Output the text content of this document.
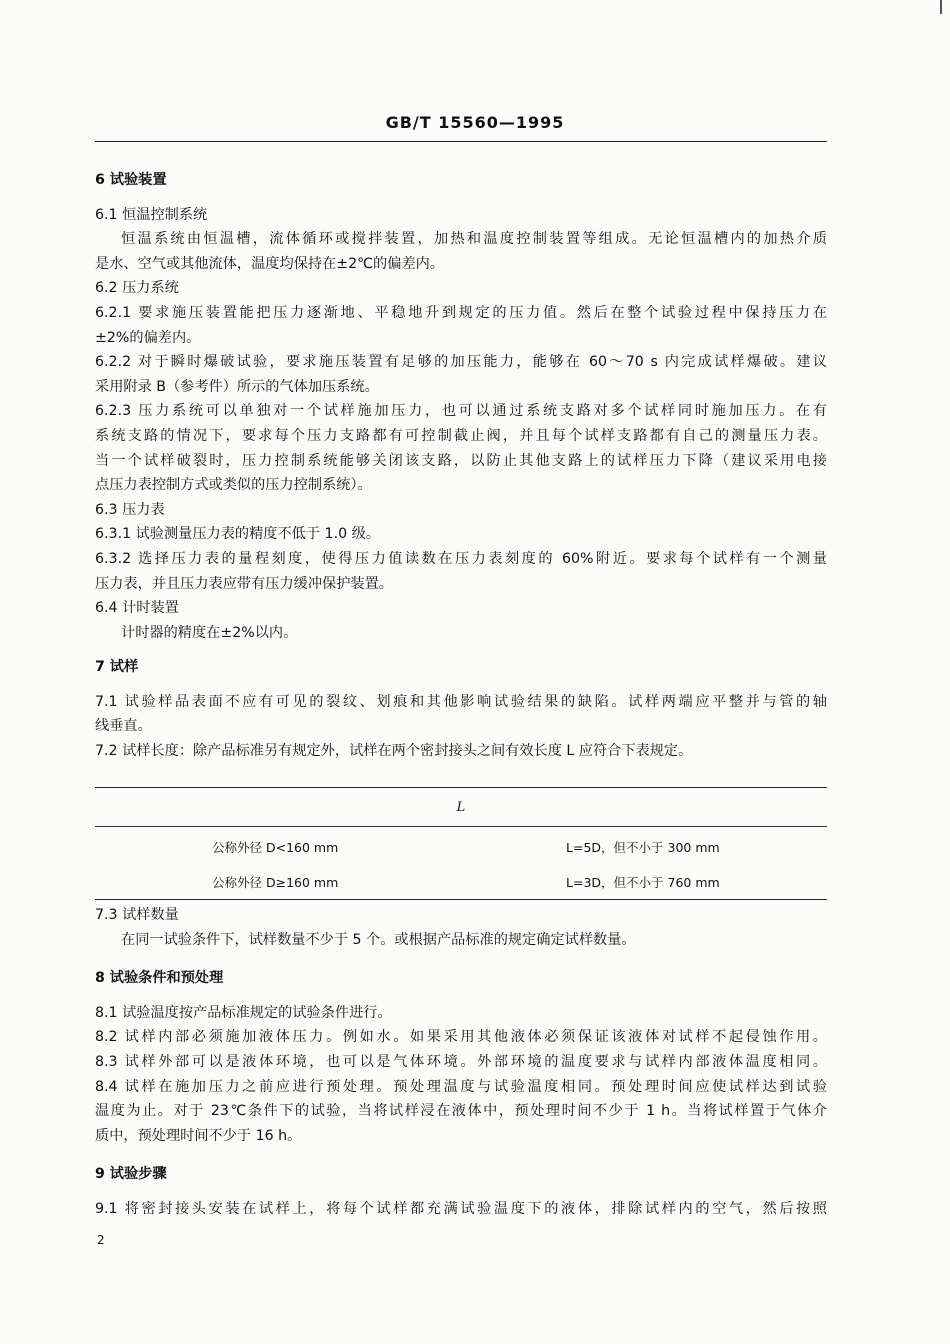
GB/T 15560—1995
6 试验装置
6.1 恒温控制系统
恒温系统由恒温槽，流体循环或搅拌装置，加热和温度控制装置等组成。无论恒温槽内的加热介质
是水、空气或其他流体，温度均保持在±2℃的偏差内。
6.2 压力系统
6.2.1 要求施压装置能把压力逐渐地、平稳地升到规定的压力值。然后在整个试验过程中保持压力在
±2%的偏差内。
6.2.2 对于瞬时爆破试验，要求施压装置有足够的加压能力，能够在 60～70 s 内完成试样爆破。建议
采用附录 B（参考件）所示的气体加压系统。
6.2.3 压力系统可以单独对一个试样施加压力，也可以通过系统支路对多个试样同时施加压力。在有
系统支路的情况下，要求每个压力支路都有可控制截止阀，并且每个试样支路都有自己的测量压力表。
当一个试样破裂时，压力控制系统能够关闭该支路，以防止其他支路上的试样压力下降（建议采用电接
点压力表控制方式或类似的压力控制系统）。
6.3 压力表
6.3.1 试验测量压力表的精度不低于 1.0 级。
6.3.2 选择压力表的量程刻度，使得压力值读数在压力表刻度的 60%附近。要求每个试样有一个测量
压力表，并且压力表应带有压力缓冲保护装置。
6.4 计时装置
计时器的精度在±2%以内。
7 试样
7.1 试验样品表面不应有可见的裂纹、划痕和其他影响试验结果的缺陷。试样两端应平整并与管的轴
线垂直。
7.2 试样长度：除产品标准另有规定外，试样在两个密封接头之间有效长度 L 应符合下表规定。
L
公称外径 D<160 mm	L=5D，但不小于 300 mm
公称外径 D≥160 mm	L=3D，但不小于 760 mm
7.3 试样数量
在同一试验条件下，试样数量不少于 5 个。或根据产品标准的规定确定试样数量。
8 试验条件和预处理
8.1 试验温度按产品标准规定的试验条件进行。
8.2 试样内部必须施加液体压力。例如水。如果采用其他液体必须保证该液体对试样不起侵蚀作用。
8.3 试样外部可以是液体环境，也可以是气体环境。外部环境的温度要求与试样内部液体温度相同。
8.4 试样在施加压力之前应进行预处理。预处理温度与试验温度相同。预处理时间应使试样达到试验
温度为止。对于 23℃条件下的试验，当将试样浸在液体中，预处理时间不少于 1 h。当将试样置于气体介
质中，预处理时间不少于 16 h。
9 试验步骤
9.1 将密封接头安装在试样上，将每个试样都充满试验温度下的液体，排除试样内的空气，然后按照
2
